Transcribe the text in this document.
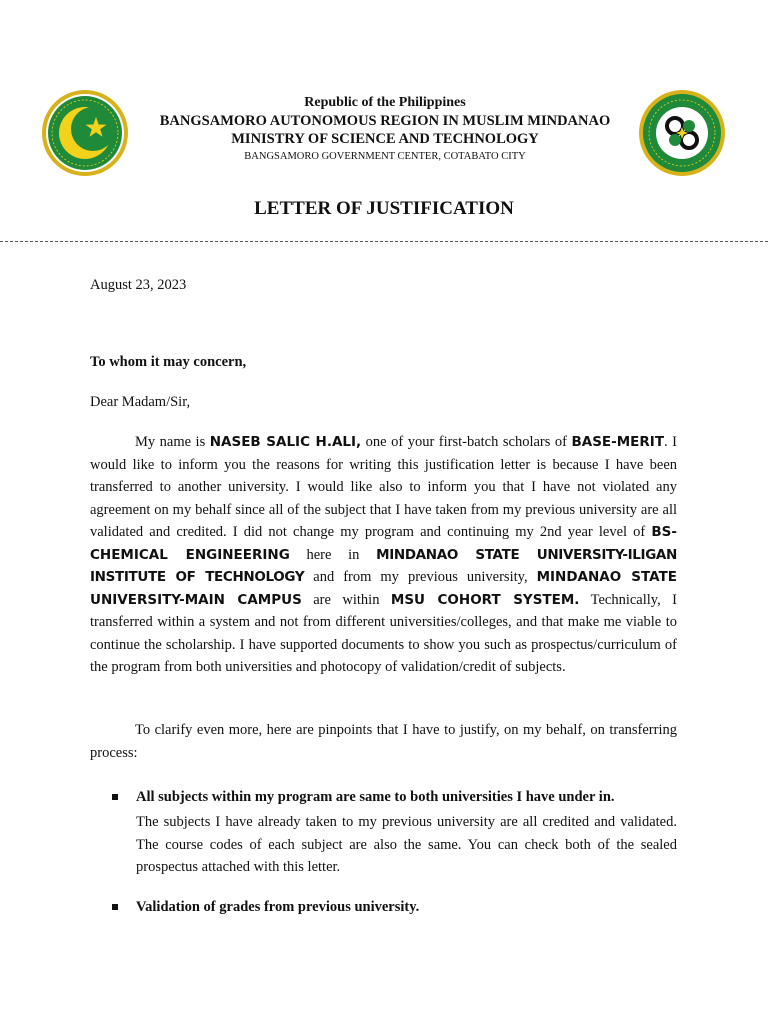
Republic of the Philippines
BANGSAMORO AUTONOMOUS REGION IN MUSLIM MINDANAO
MINISTRY OF SCIENCE AND TECHNOLOGY
BANGSAMORO GOVERNMENT CENTER, COTABATO CITY
LETTER OF JUSTIFICATION
August 23, 2023
To whom it may concern,
Dear Madam/Sir,
My name is NASEB SALIC H.ALI, one of your first-batch scholars of BASE-MERIT. I would like to inform you the reasons for writing this justification letter is because I have been transferred to another university. I would like also to inform you that I have not violated any agreement on my behalf since all of the subject that I have taken from my previous university are all validated and credited. I did not change my program and continuing my 2nd year level of BS-CHEMICAL ENGINEERING here in MINDANAO STATE UNIVERSITY-ILIGAN INSTITUTE OF TECHNOLOGY and from my previous university, MINDANAO STATE UNIVERSITY-MAIN CAMPUS are within MSU COHORT SYSTEM. Technically, I transferred within a system and not from different universities/colleges, and that make me viable to continue the scholarship. I have supported documents to show you such as prospectus/curriculum of the program from both universities and photocopy of validation/credit of subjects.
To clarify even more, here are pinpoints that I have to justify, on my behalf, on transferring process:
All subjects within my program are same to both universities I have under in.
The subjects I have already taken to my previous university are all credited and validated. The course codes of each subject are also the same. You can check both of the sealed prospectus attached with this letter.
Validation of grades from previous university.
